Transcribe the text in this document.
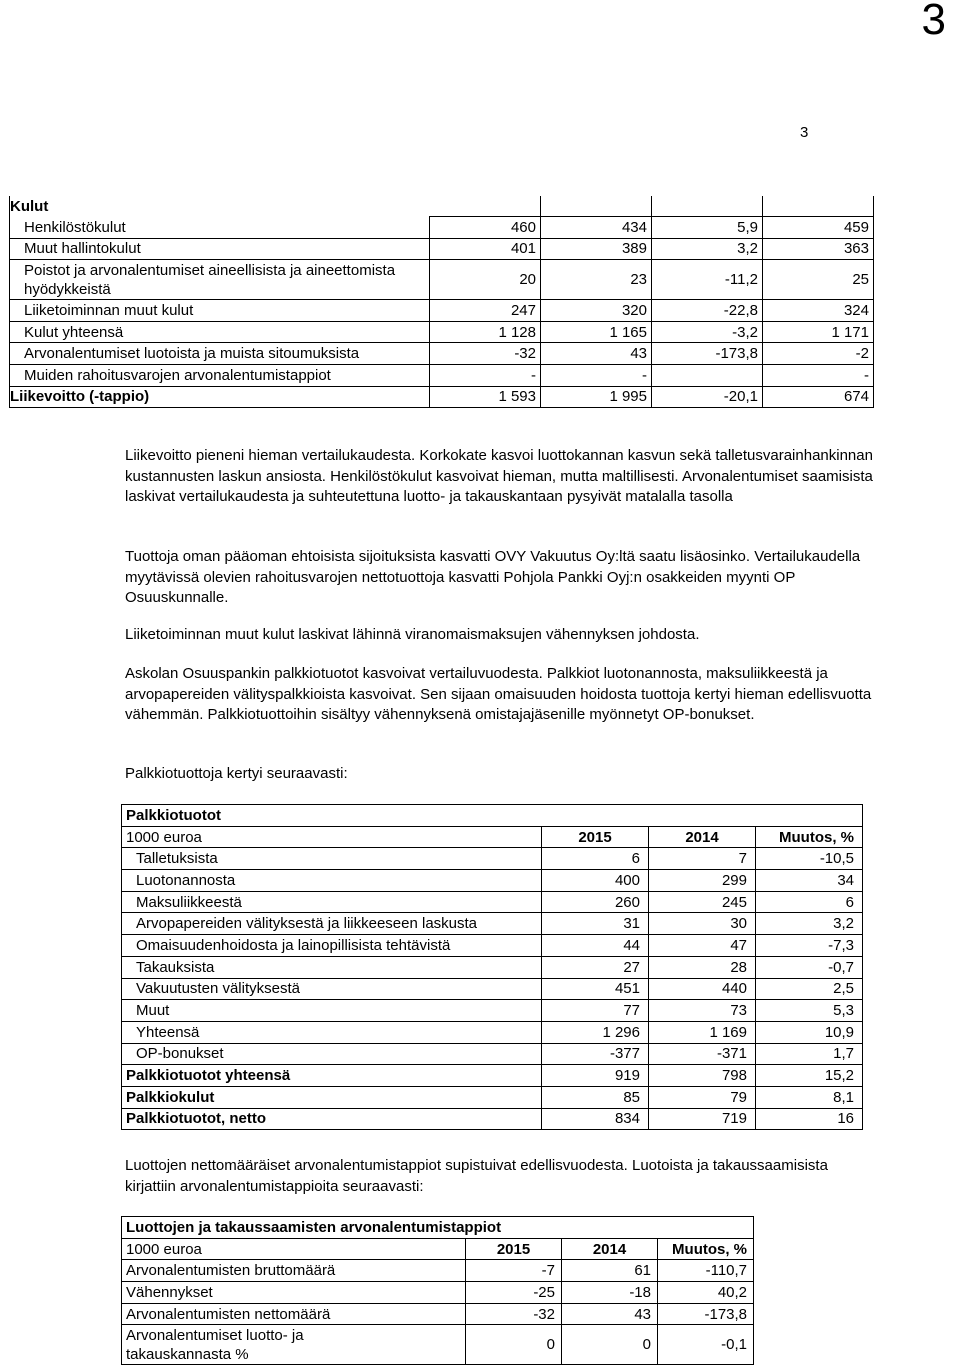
3
3
Kulut				
Henkilöstökulut	460	434	5,9	459
Muut hallintokulut	401	389	3,2	363
Poistot ja arvonalentumiset aineellisista ja aineettomista hyödykkeistä	20	23	-11,2	25
Liiketoiminnan muut kulut	247	320	-22,8	324
Kulut yhteensä	1 128	1 165	-3,2	1 171
Arvonalentumiset luotoista ja muista sitoumuksista	-32	43	-173,8	-2
Muiden rahoitusvarojen arvonalentumistappiot	-	-		-
Liikevoitto (-tappio)	1 593	1 995	-20,1	674

Liikevoitto pieneni hieman vertailukaudesta. Korkokate kasvoi luottokannan kasvun sekä talletusvarainhankinnan kustannusten laskun ansiosta. Henkilöstökulut kasvoivat hieman, mutta maltillisesti. Arvonalentumiset saamisista laskivat vertailukaudesta ja suhteutettuna luotto- ja takauskantaan pysyivät matalalla tasolla

Tuottoja oman pääoman ehtoisista sijoituksista kasvatti OVY Vakuutus Oy:ltä saatu lisäosinko. Vertailukaudella myytävissä olevien rahoitusvarojen nettotuottoja kasvatti Pohjola Pankki Oyj:n osakkeiden myynti OP Osuuskunnalle.

Liiketoiminnan muut kulut laskivat lähinnä viranomaismaksujen vähennyksen johdosta.

Askolan Osuuspankin palkkiotuotot kasvoivat vertailuvuodesta. Palkkiot luotonannosta, maksuliikkeestä ja arvopapereiden välityspalkkioista kasvoivat. Sen sijaan omaisuuden hoidosta tuottoja kertyi hieman edellisvuotta vähemmän. Palkkiotuottoihin sisältyy vähennyksenä omistajajäsenille myönnetyt OP-bonukset.

Palkkiotuottoja kertyi seuraavasti:

Palkkiotuotot			
1000 euroa	2015	2014	Muutos, %
Talletuksista	6	7	-10,5
Luotonannosta	400	299	34
Maksuliikkeestä	260	245	6
Arvopapereiden välityksestä ja liikkeeseen laskusta	31	30	3,2
Omaisuudenhoidosta ja lainopillisista tehtävistä	44	47	-7,3
Takauksista	27	28	-0,7
Vakuutusten välityksestä	451	440	2,5
Muut	77	73	5,3
Yhteensä	1 296	1 169	10,9
OP-bonukset	-377	-371	1,7
Palkkiotuotot yhteensä	919	798	15,2
Palkkiokulut	85	79	8,1
Palkkiotuotot, netto	834	719	16

Luottojen nettomääräiset arvonalentumistappiot supistuivat edellisvuodesta. Luotoista ja takaussaamisista kirjattiin arvonalentumistappioita seuraavasti:

Luottojen ja takaussaamisten arvonalentumistappiot			
1000 euroa	2015	2014	Muutos, %
Arvonalentumisten bruttomäärä	-7	61	-110,7
Vähennykset	-25	-18	40,2
Arvonalentumisten nettomäärä	-32	43	-173,8
Arvonalentumiset luotto- ja takauskannasta %	0	0	-0,1
